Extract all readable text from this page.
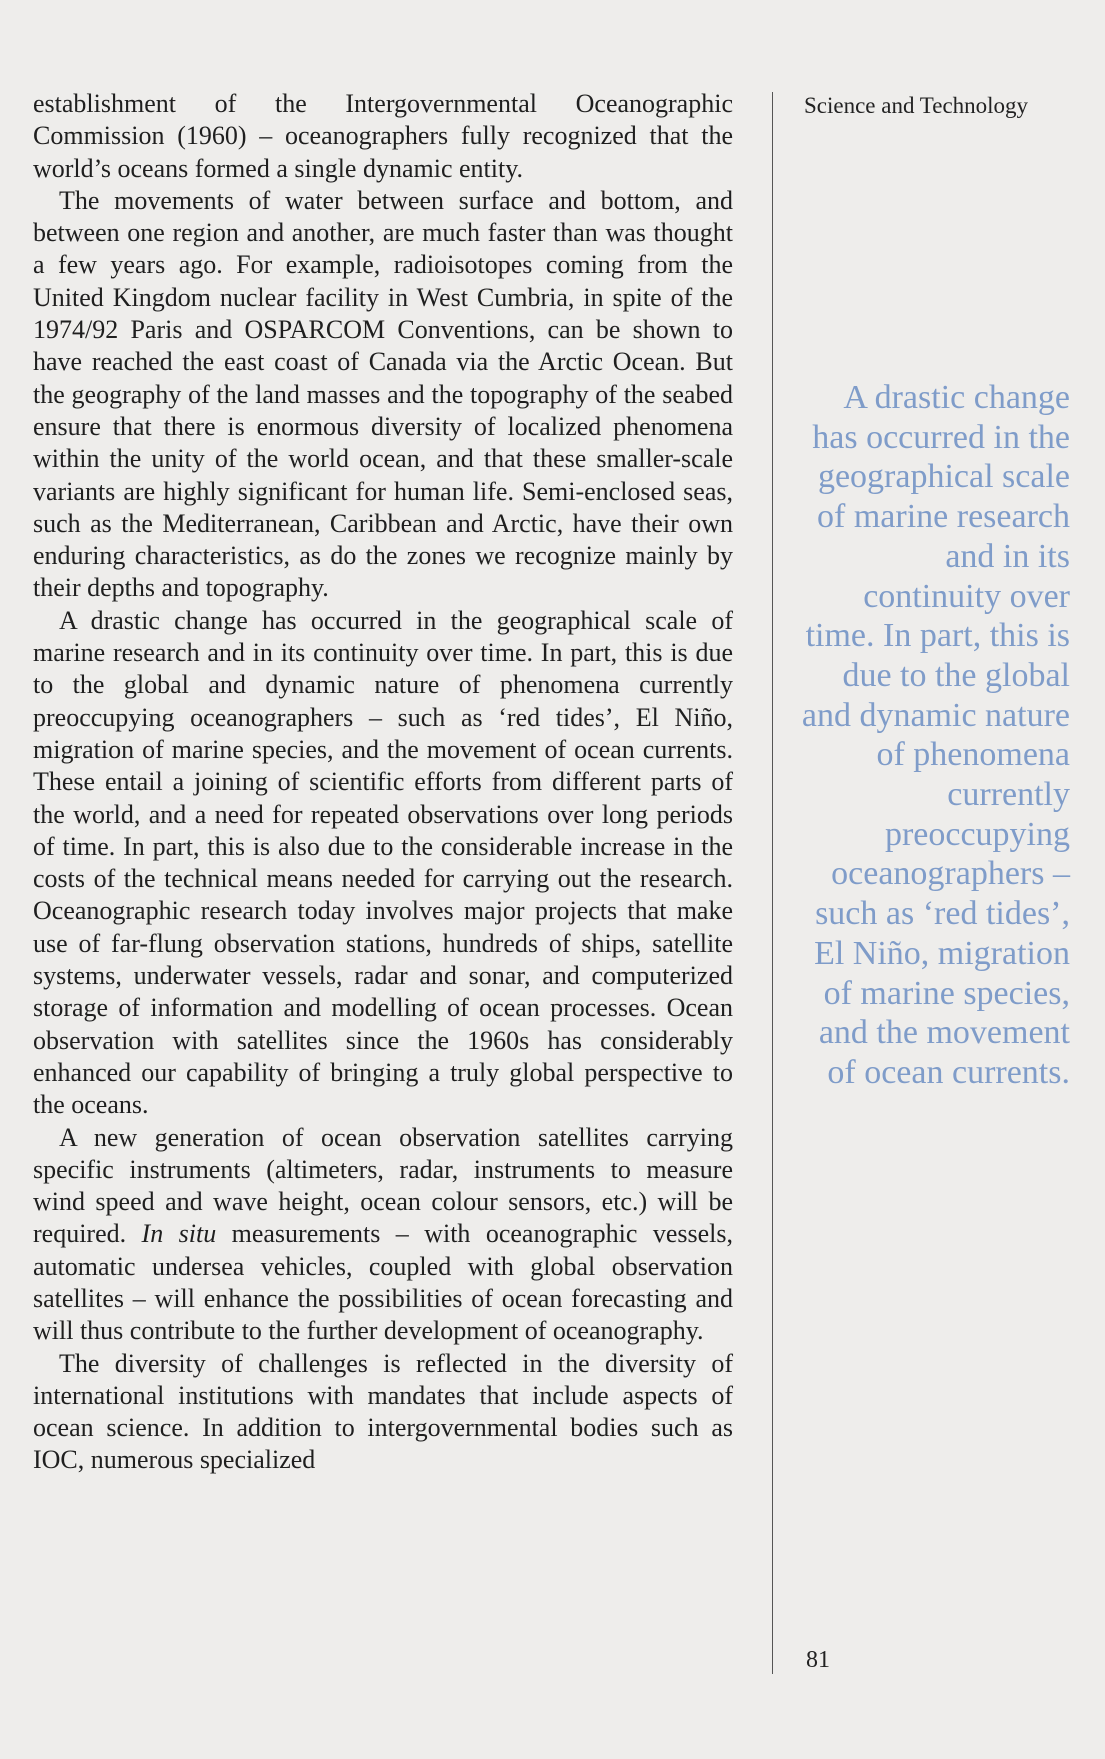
establishment of the Intergovernmental Oceanographic Commission (1960) – oceanographers fully recognized that the world’s oceans formed a single dynamic entity.

The movements of water between surface and bottom, and between one region and another, are much faster than was thought a few years ago. For example, radioisotopes coming from the United Kingdom nuclear facility in West Cumbria, in spite of the 1974/92 Paris and OSPARCOM Conventions, can be shown to have reached the east coast of Canada via the Arctic Ocean. But the geography of the land masses and the topography of the seabed ensure that there is enormous diversity of localized phenomena within the unity of the world ocean, and that these smaller-scale variants are highly significant for human life. Semi-enclosed seas, such as the Mediterranean, Caribbean and Arctic, have their own enduring characteristics, as do the zones we recognize mainly by their depths and topography.

A drastic change has occurred in the geographical scale of marine research and in its continuity over time. In part, this is due to the global and dynamic nature of phenomena currently preoccupying oceanographers – such as ‘red tides’, El Niño, migration of marine species, and the movement of ocean currents. These entail a joining of scientific efforts from different parts of the world, and a need for repeated observations over long periods of time. In part, this is also due to the considerable increase in the costs of the technical means needed for carrying out the research. Oceanographic research today involves major projects that make use of far-flung observation stations, hundreds of ships, satellite systems, underwater vessels, radar and sonar, and computerized storage of information and modelling of ocean processes. Ocean observation with satellites since the 1960s has considerably enhanced our capability of bringing a truly global perspective to the oceans.

A new generation of ocean observation satellites carrying specific instruments (altimeters, radar, instruments to measure wind speed and wave height, ocean colour sensors, etc.) will be required. In situ measurements – with oceanographic vessels, automatic undersea vehicles, coupled with global observation satellites – will enhance the possibilities of ocean forecasting and will thus contribute to the further development of oceanography.

The diversity of challenges is reflected in the diversity of international institutions with mandates that include aspects of ocean science. In addition to intergovernmental bodies such as IOC, numerous specialized

Science and Technology
A drastic change has occurred in the geographical scale of marine research and in its continuity over time. In part, this is due to the global and dynamic nature of phenomena currently preoccupying oceanographers – such as ‘red tides’, El Niño, migration of marine species, and the movement of ocean currents.
81
